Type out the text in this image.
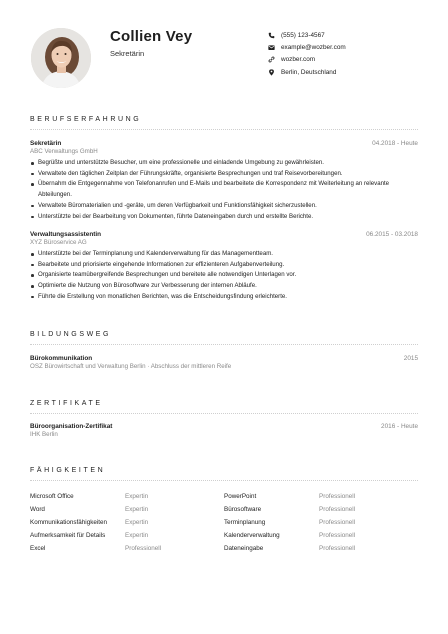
Collien Vey
Sekretärin
(555) 123-4567
example@wozber.com
wozber.com
Berlin, Deutschland
BERUFSERFAHRUNG
Sekretärin	04.2018 - Heute
ABC Verwaltungs GmbH
Begrüßte und unterstützte Besucher, um eine professionelle und einladende Umgebung zu gewährleisten.
Verwaltete den täglichen Zeitplan der Führungskräfte, organisierte Besprechungen und traf Reisevorbereitungen.
Übernahm die Entgegennahme von Telefonanrufen und E-Mails und bearbeitete die Korrespondenz mit Weiterleitung an relevante Abteilungen.
Verwaltete Büromaterialien und -geräte, um deren Verfügbarkeit und Funktionsfähigkeit sicherzustellen.
Unterstützte bei der Bearbeitung von Dokumenten, führte Dateneingaben durch und erstellte Berichte.
Verwaltungsassistentin	06.2015 - 03.2018
XYZ Büroservice AG
Unterstützte bei der Terminplanung und Kalenderverwaltung für das Managementteam.
Bearbeitete und priorisierte eingehende Informationen zur effizienteren Aufgabenverteilung.
Organisierte teamübergreifende Besprechungen und bereitete alle notwendigen Unterlagen vor.
Optimierte die Nutzung von Bürosoftware zur Verbesserung der internen Abläufe.
Führte die Erstellung von monatlichen Berichten, was die Entscheidungsfindung erleichterte.
BILDUNGSWEG
Bürokommunikation	2015
OSZ Bürowirtschaft und Verwaltung Berlin · Abschluss der mittleren Reife
ZERTIFIKATE
Büroorganisation-Zertifikat	2016 - Heute
IHK Berlin
FÄHIGKEITEN
Microsoft Office	Expertin	PowerPoint	Professionell
Word	Expertin	Bürosoftware	Professionell
Kommunikationsfähigkeiten	Expertin	Terminplanung	Professionell
Aufmerksamkeit für Details	Expertin	Kalenderverwaltung	Professionell
Excel	Professionell	Dateneingabe	Professionell
